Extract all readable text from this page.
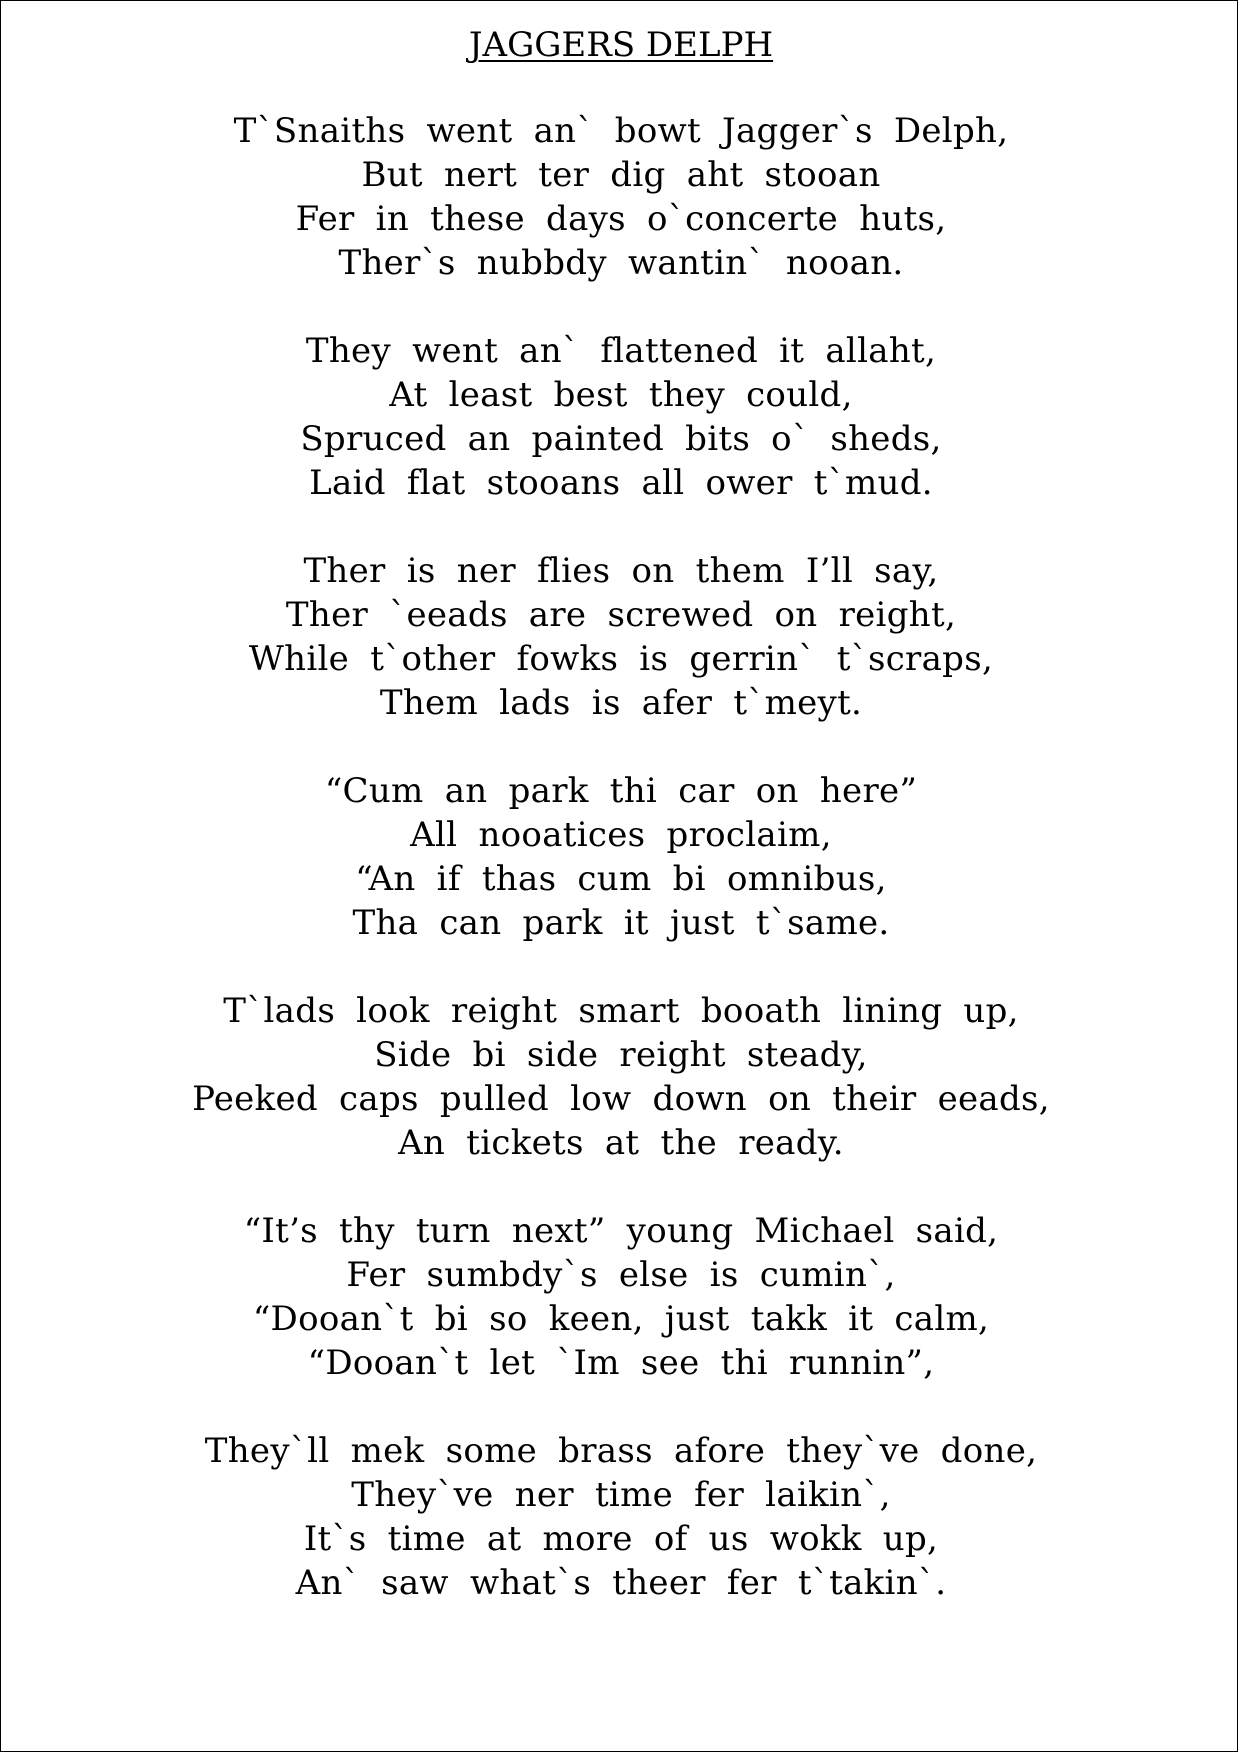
JAGGERS DELPH
T`Snaiths went an` bowt Jagger`s Delph,
But nert ter dig aht stooan
Fer in these days o`concerte huts,
Ther`s nubbdy wantin` nooan.
They went an` flattened it allaht,
At least best they could,
Spruced an painted bits o` sheds,
Laid flat stooans all ower t`mud.
Ther is ner flies on them I’ll say,
Ther `eeads are screwed on reight,
While t`other fowks is gerrin` t`scraps,
Them lads is afer t`meyt.
“Cum an park thi car on here”
All nooatices proclaim,
“An if thas cum bi omnibus,
Tha can park it just t`same.
T`lads look reight smart booath lining up,
Side bi side reight steady,
Peeked caps pulled low down on their eeads,
An tickets at the ready.
“It’s thy turn next” young Michael said,
Fer sumbdy`s else is cumin`,
“Dooan`t bi so keen, just takk it calm,
“Dooan`t let `Im see thi runnin”,
They`ll mek some brass afore they`ve done,
They`ve ner time fer laikin`,
It`s time at more of us wokk up,
An` saw what`s theer fer t`takin`.
